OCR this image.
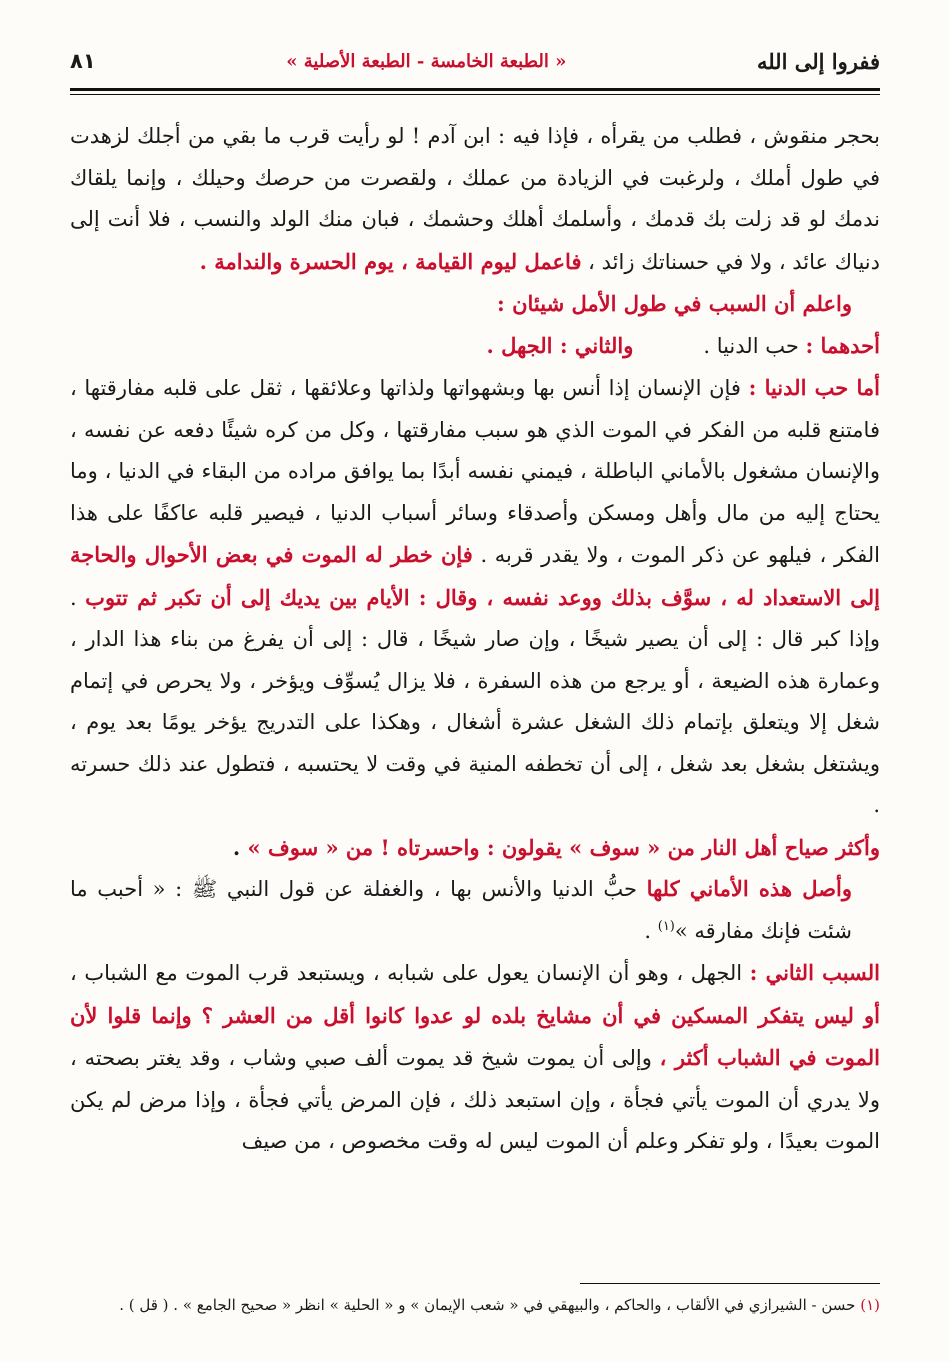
ففروا إلى الله
« الطبعة الخامسة - الطبعة الأصلية »
٨١

بحجر منقوش ، فطلب من يقرأه ، فإذا فيه : ابن آدم ! لو رأيت قرب ما بقي من أجلك لزهدت في طول أملك ، ولرغبت في الزيادة من عملك ، ولقصرت من حرصك وحيلك ، وإنما يلقاك ندمك لو قد زلت بك قدمك ، وأسلمك أهلك وحشمك ، فبان منك الولد والنسب ، فلا أنت إلى دنياك عائد ، ولا في حسناتك زائد ، فاعمل ليوم القيامة ، يوم الحسرة والندامة .

واعلم أن السبب في طول الأمل شيئان :

أحدهما : حب الدنيا .
والثاني : الجهل .

أما حب الدنيا : فإن الإنسان إذا أنس بها وبشهواتها ولذاتها وعلائقها ، ثقل على قلبه مفارقتها ، فامتنع قلبه من الفكر في الموت الذي هو سبب مفارقتها ، وكل من كره شيئًا دفعه عن نفسه ، والإنسان مشغول بالأماني الباطلة ، فيمني نفسه أبدًا بما يوافق مراده من البقاء في الدنيا ، وما يحتاج إليه من مال وأهل ومسكن وأصدقاء وسائر أسباب الدنيا ، فيصير قلبه عاكفًا على هذا الفكر ، فيلهو عن ذكر الموت ، ولا يقدر قربه . فإن خطر له الموت في بعض الأحوال والحاجة إلى الاستعداد له ، سوَّف بذلك ووعد نفسه ، وقال : الأيام بين يديك إلى أن تكبر ثم تتوب . وإذا كبر قال : إلى أن يصير شيخًا ، وإن صار شيخًا ، قال : إلى أن يفرغ من بناء هذا الدار ، وعمارة هذه الضيعة ، أو يرجع من هذه السفرة ، فلا يزال يُسوِّف ويؤخر ، ولا يحرص في إتمام شغل إلا ويتعلق بإتمام ذلك الشغل عشرة أشغال ، وهكذا على التدريج يؤخر يومًا بعد يوم ، ويشتغل بشغل بعد شغل ، إلى أن تخطفه المنية في وقت لا يحتسبه ، فتطول عند ذلك حسرته .

وأكثر صياح أهل النار من « سوف » يقولون : واحسرتاه ! من « سوف » .

وأصل هذه الأماني كلها حبُّ الدنيا والأنس بها ، والغفلة عن قول النبي ﷺ : « أحبب ما شئت فإنك مفارقه »$^{(١)}$ .

السبب الثاني : الجهل ، وهو أن الإنسان يعول على شبابه ، ويستبعد قرب الموت مع الشباب ، أو ليس يتفكر المسكين في أن مشايخ بلده لو عدوا كانوا أقل من العشر ؟ وإنما قلوا لأن الموت في الشباب أكثر ، وإلى أن يموت شيخ قد يموت ألف صبي وشاب ، وقد يغتر بصحته ، ولا يدري أن الموت يأتي فجأة ، وإن استبعد ذلك ، فإن المرض يأتي فجأة ، وإذا مرض لم يكن الموت بعيدًا ، ولو تفكر وعلم أن الموت ليس له وقت مخصوص ، من صيف

(١) حسن - الشيرازي في الألقاب ، والحاكم ، والبيهقي في « شعب الإيمان » و « الحلية » انظر « صحيح الجامع » . ( قل ) .
